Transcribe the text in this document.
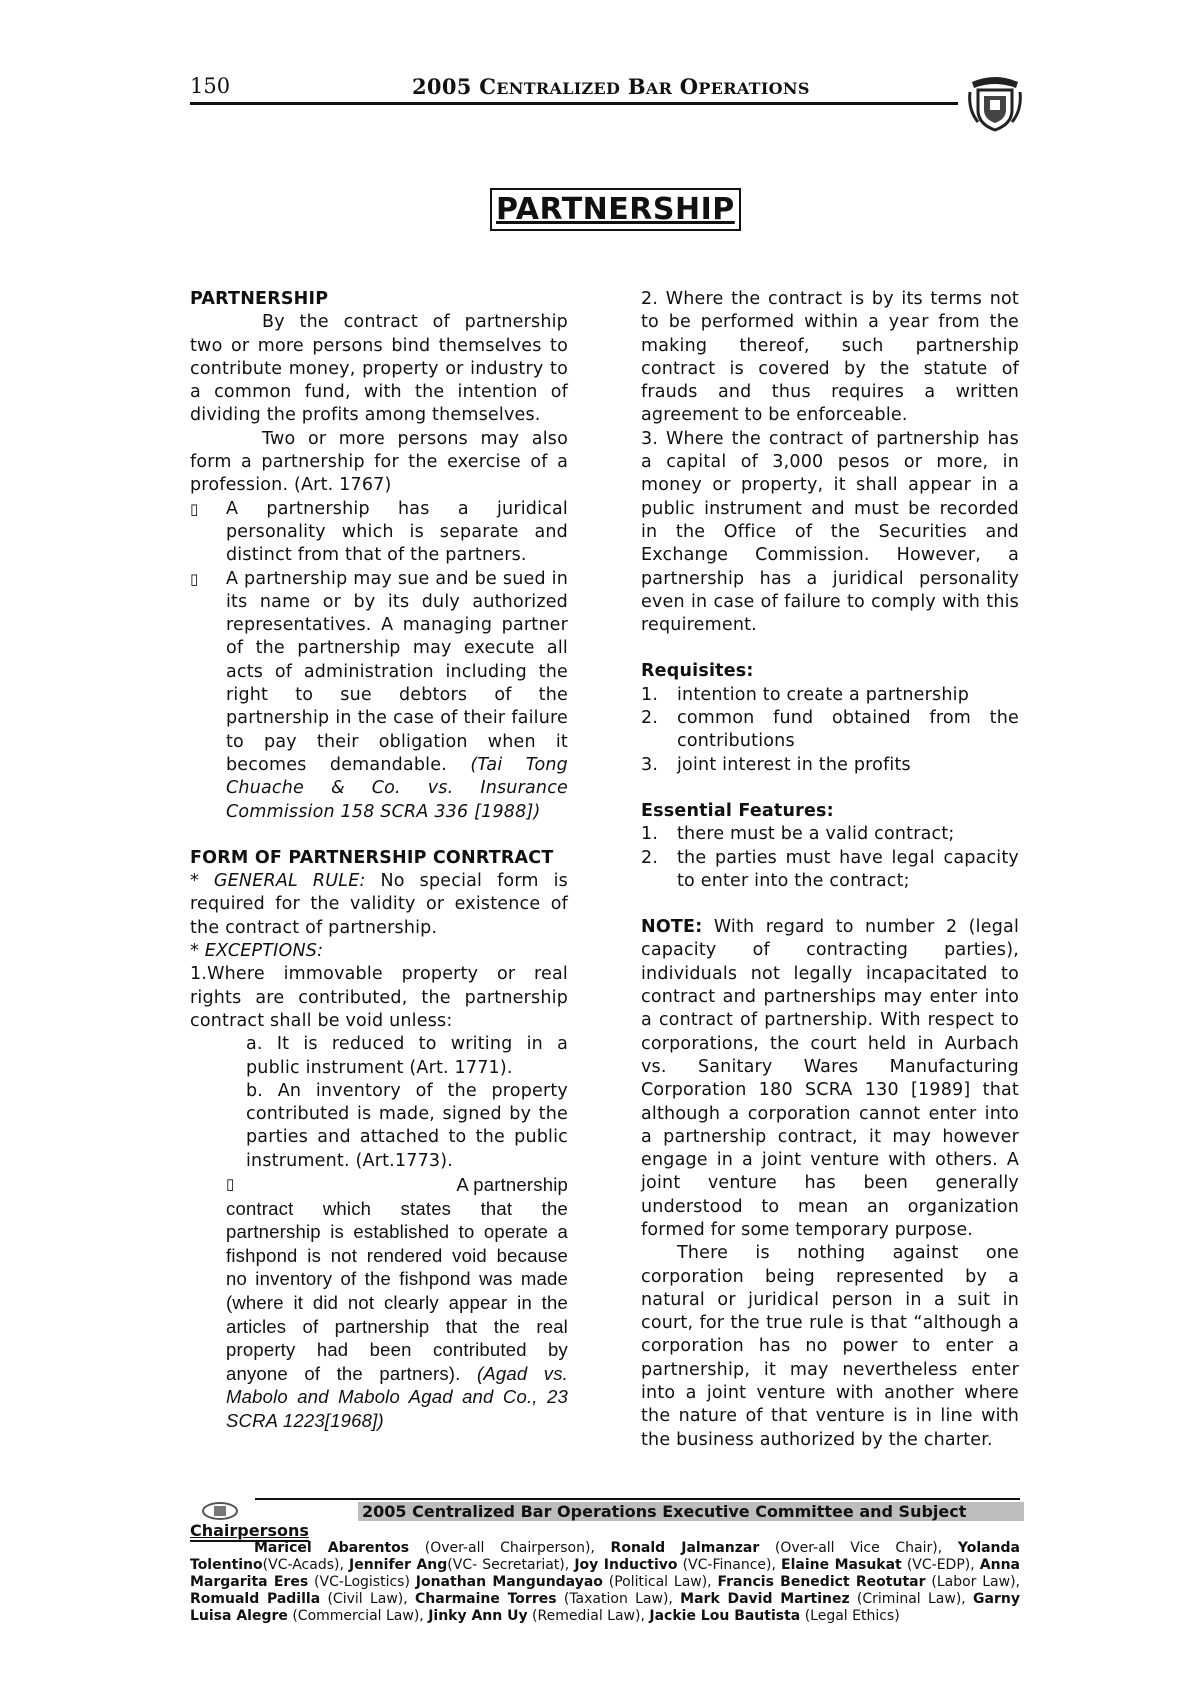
150	2005 CENTRALIZED BAR OPERATIONS
PARTNERSHIP

PARTNERSHIP

By the contract of partnership two or more persons bind themselves to contribute money, property or industry to a common fund, with the intention of dividing the profits among themselves.

Two or more persons may also form a partnership for the exercise of a profession. (Art. 1767)

▯	A partnership has a juridical personality which is separate and distinct from that of the partners.
▯	A partnership may sue and be sued in its name or by its duly authorized representatives. A managing partner of the partnership may execute all acts of administration including the right to sue debtors of the partnership in the case of their failure to pay their obligation when it becomes demandable. (Tai Tong Chuache & Co. vs. Insurance Commission 158 SCRA 336 [1988])

FORM OF PARTNERSHIP CONRTRACT

* GENERAL RULE: No special form is required for the validity or existence of the contract of partnership.

* EXCEPTIONS:

1.Where immovable property or real rights are contributed, the partnership contract shall be void unless:

a. It is reduced to writing in a public instrument (Art. 1771).

b. An inventory of the property contributed is made, signed by the parties and attached to the public instrument. (Art.1773).

▯	A partnership
contract which states that the partnership is established to operate a fishpond is not rendered void because no inventory of the fishpond was made (where it did not clearly appear in the articles of partnership that the real property had been contributed by anyone of the partners). (Agad vs. Mabolo and Mabolo Agad and Co., 23 SCRA 1223[1968])

2. Where the contract is by its terms not to be performed within a year from the making thereof, such partnership contract is covered by the statute of frauds and thus requires a written agreement to be enforceable.

3. Where the contract of partnership has a capital of 3,000 pesos or more, in money or property, it shall appear in a public instrument and must be recorded in the Office of the Securities and Exchange Commission. However, a partnership has a juridical personality even in case of failure to comply with this requirement.

Requisites:

1.	intention to create a partnership
2.	common fund obtained from the contributions
3.	joint interest in the profits

Essential Features:

1.	there must be a valid contract;
2.	the parties must have legal capacity to enter into the contract;

NOTE: With regard to number 2 (legal capacity of contracting parties), individuals not legally incapacitated to contract and partnerships may enter into a contract of partnership. With respect to corporations, the court held in Aurbach vs. Sanitary Wares Manufacturing Corporation 180 SCRA 130 [1989] that although a corporation cannot enter into a partnership contract, it may however engage in a joint venture with others. A joint venture has been generally understood to mean an organization formed for some temporary purpose.

There is nothing against one corporation being represented by a natural or juridical person in a suit in court, for the true rule is that “although a corporation has no power to enter a partnership, it may nevertheless enter into a joint venture with another where the nature of that venture is in line with the business authorized by the charter.

2005 Centralized Bar Operations Executive Committee and Subject
Chairpersons
Maricel Abarentos (Over-all Chairperson), Ronald Jalmanzar (Over-all Vice Chair), Yolanda Tolentino(VC-Acads), Jennifer Ang(VC- Secretariat), Joy Inductivo (VC-Finance), Elaine Masukat (VC-EDP), Anna Margarita Eres (VC-Logistics) Jonathan Mangundayao (Political Law), Francis Benedict Reotutar (Labor Law), Romuald Padilla (Civil Law), Charmaine Torres (Taxation Law), Mark David Martinez (Criminal Law), Garny Luisa Alegre (Commercial Law), Jinky Ann Uy (Remedial Law), Jackie Lou Bautista (Legal Ethics)
